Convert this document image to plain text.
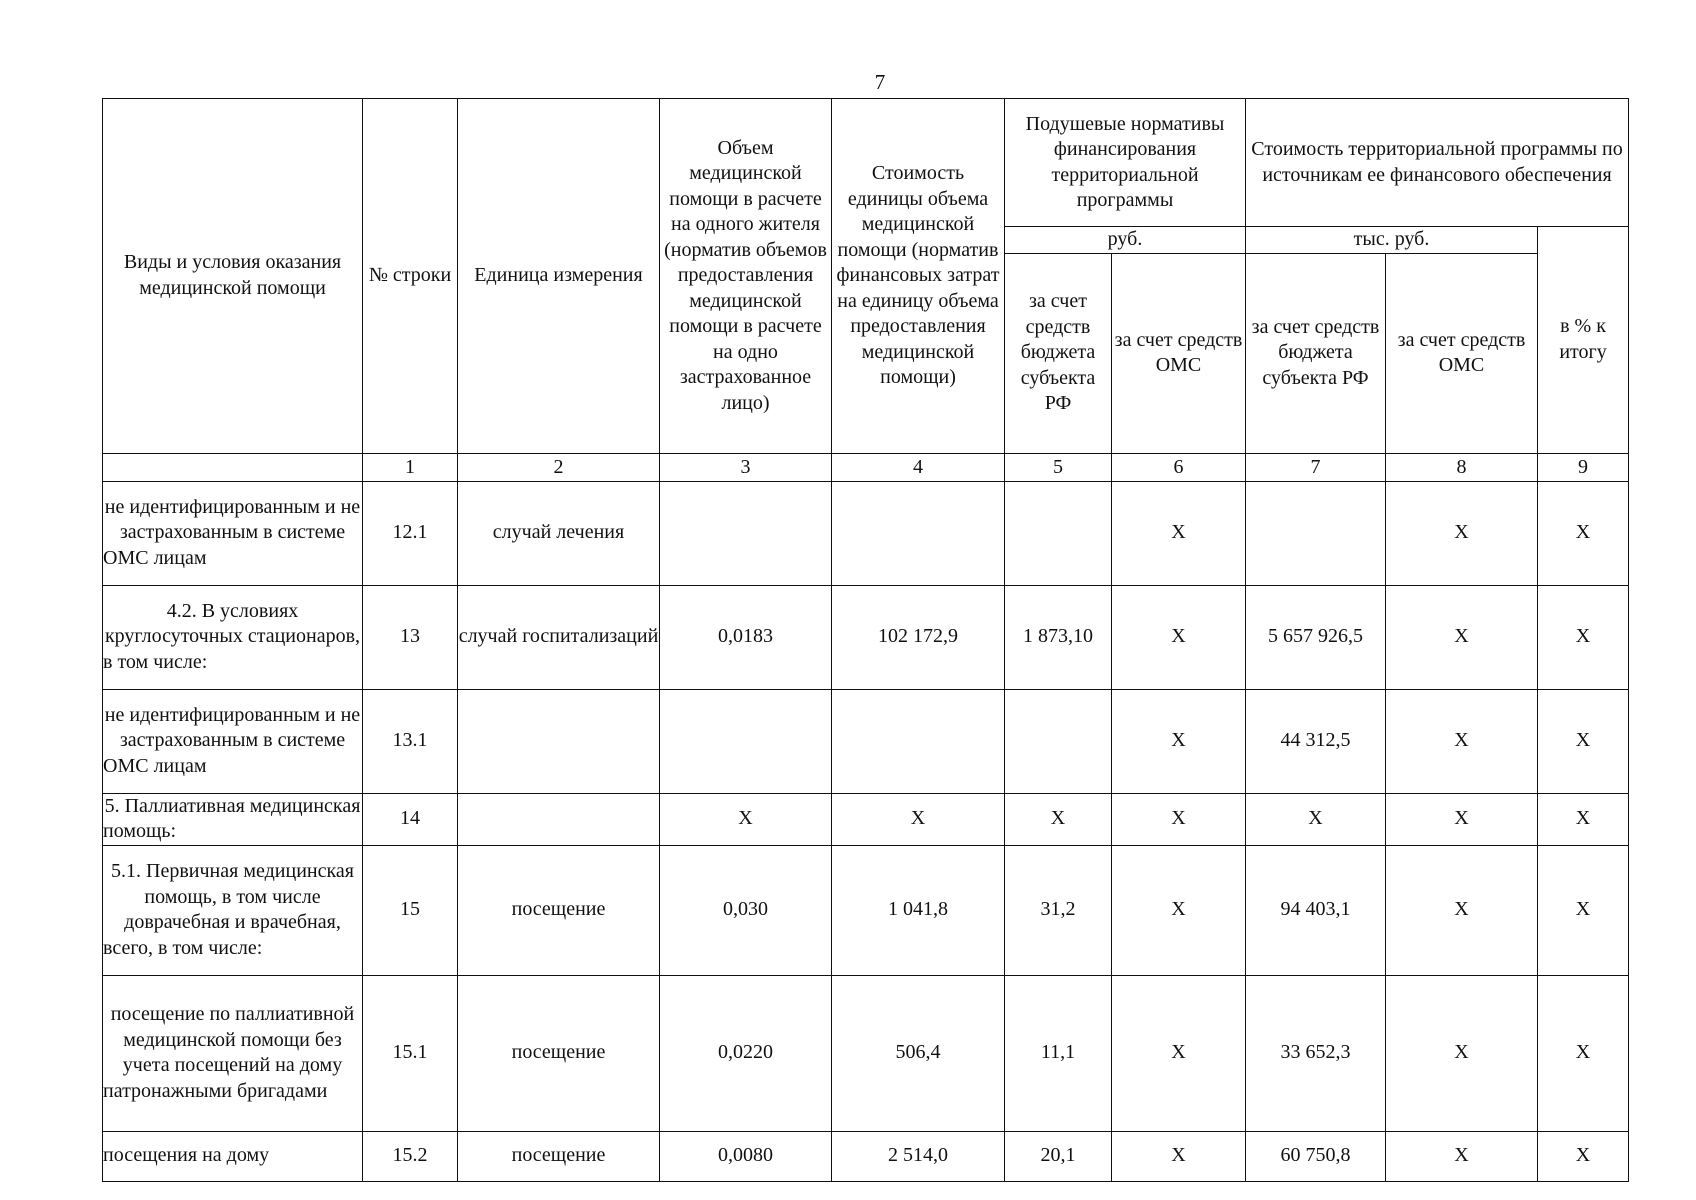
7
Виды и условия оказания медицинской помощи	№ строки	Единица измерения	Объем медицинской помощи в расчете на одного жителя (норматив объемов предоставления медицинской помощи в расчете на одно застрахованное лицо)	Стоимость единицы объема медицинской помощи (норматив финансовых затрат на единицу объема предоставления медицинской помощи)	Подушевые нормативы финансирования территориальной программы		Стоимость территориальной программы по источникам ее финансового обеспечения		
					руб.		тыс. руб.		в % к итогу
					за счет средств бюджета субъекта РФ	за счет средств ОМС	за счет средств бюджета субъекта РФ	за счет средств ОМС	
	1	2	3	4	5	6	7	8	9
не идентифицированным и не застрахованным в системе ОМС лицам	12.1	случай лечения				X		X	X
4.2. В условиях круглосуточных стационаров, в том числе:	13	случай госпитализаций	0,0183	102 172,9	1 873,10	X	5 657 926,5	X	X
не идентифицированным и не застрахованным в системе ОМС лицам	13.1					X	44 312,5	X	X
5. Паллиативная медицинская помощь:	14		X	X	X	X	X	X	X
5.1. Первичная медицинская помощь, в том числе доврачебная и врачебная, всего, в том числе:	15	посещение	0,030	1 041,8	31,2	X	94 403,1	X	X
посещение по паллиативной медицинской помощи без учета посещений на дому патронажными бригадами	15.1	посещение	0,0220	506,4	11,1	X	33 652,3	X	X
посещения на дому	15.2	посещение	0,0080	2 514,0	20,1	X	60 750,8	X	X
